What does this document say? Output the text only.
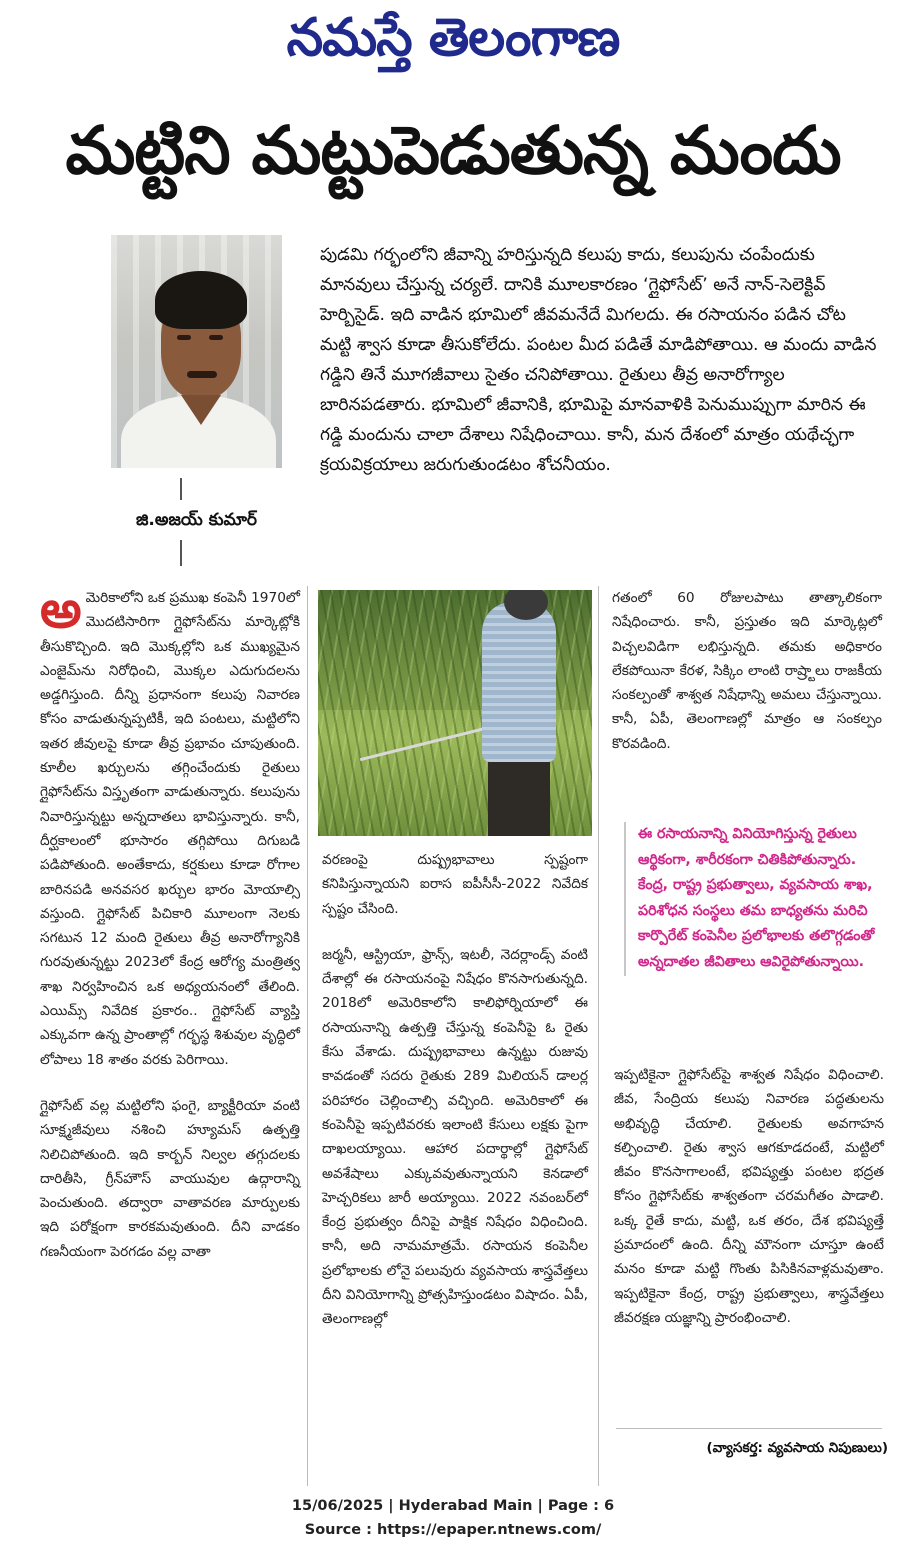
నమస్తే తెలంగాణ
మట్టిని మట్టుపెడుతున్న మందు
జి.అజయ్ కుమార్

పుడమి గర్భంలోని జీవాన్ని హరిస్తున్నది కలుపు కాదు, కలుపును చంపేందుకు మానవులు చేస్తున్న చర్యలే. దానికి మూలకారణం ‘గ్లైఫోసేట్’ అనే నాన్-సెలెక్టివ్ హెర్బిసైడ్. ఇది వాడిన భూమిలో జీవమనేదే మిగలదు. ఈ రసాయనం పడిన చోట మట్టి శ్వాస కూడా తీసుకోలేదు. పంటల మీద పడితే మాడిపోతాయి. ఆ మందు వాడిన గడ్డిని తినే మూగజీవాలు సైతం చనిపోతాయి. రైతులు తీవ్ర అనారోగ్యాల బారినపడతారు. భూమిలో జీవానికి, భూమిపై మానవాళికి పెనుముప్పుగా మారిన ఈ గడ్డి మందును చాలా దేశాలు నిషేధించాయి. కానీ, మన దేశంలో మాత్రం యథేచ్ఛగా క్రయవిక్రయాలు జరుగుతుండటం శోచనీయం.

అమెరికాలోని ఒక ప్రముఖ కంపెనీ 1970లో మొదటిసారిగా గ్లైఫోసేట్‌ను మార్కెట్లోకి తీసుకొచ్చింది. ఇది మొక్కల్లోని ఒక ముఖ్యమైన ఎంజైమ్‌ను నిరోధించి, మొక్కల ఎదుగుదలను అడ్డగిస్తుంది. దీన్ని ప్రధానంగా కలుపు నివారణ కోసం వాడుతున్నప్పటికీ, ఇది పంటలు, మట్టిలోని ఇతర జీవులపై కూడా తీవ్ర ప్రభావం చూపుతుంది. కూలీల ఖర్చులను తగ్గించేందుకు రైతులు గ్లైఫోసేట్‌ను విస్తృతంగా వాడుతున్నారు. కలుపును నివారిస్తున్నట్టు అన్నదాతలు భావిస్తున్నారు. కానీ, దీర్ఘకాలంలో భూసారం తగ్గిపోయి దిగుబడి పడిపోతుంది. అంతేకాదు, కర్షకులు కూడా రోగాల బారినపడి అనవసర ఖర్చుల భారం మోయాల్సి వస్తుంది. గ్లైఫోసేట్ పిచికారి మూలంగా నెలకు సగటున 12 మంది రైతులు తీవ్ర అనారోగ్యానికి గురవుతున్నట్టు 2023లో కేంద్ర ఆరోగ్య మంత్రిత్వ శాఖ నిర్వహించిన ఒక అధ్యయనంలో తేలింది. ఎయిమ్స్ నివేదిక ప్రకారం.. గ్లైఫోసేట్ వ్యాప్తి ఎక్కువగా ఉన్న ప్రాంతాల్లో గర్భస్థ శిశువుల వృద్ధిలో లోపాలు 18 శాతం వరకు పెరిగాయి.

గ్లైఫోసేట్ వల్ల మట్టిలోని ఫంగై, బ్యాక్టీరియా వంటి సూక్ష్మజీవులు నశించి హ్యూమస్ ఉత్పత్తి నిలిచిపోతుంది. ఇది కార్బన్ నిల్వల తగ్గుదలకు దారితీసి, గ్రీన్‌హౌస్ వాయువుల ఉద్గారాన్ని పెంచుతుంది. తద్వారా వాతావరణ మార్పులకు ఇది పరోక్షంగా కారకమవుతుంది. దీని వాడకం గణనీయంగా పెరగడం వల్ల వాతా

వరణంపై దుష్ప్రభావాలు స్పష్టంగా కనిపిస్తున్నాయని ఐరాస ఐపీసీసీ-2022 నివేదిక స్పష్టం చేసింది.

జర్మనీ, ఆస్ట్రియా, ఫ్రాన్స్, ఇటలీ, నెదర్లాండ్స్ వంటి దేశాల్లో ఈ రసాయనంపై నిషేధం కొనసాగుతున్నది. 2018లో అమెరికాలోని కాలిఫోర్నియాలో ఈ రసాయనాన్ని ఉత్పత్తి చేస్తున్న కంపెనీపై ఓ రైతు కేసు వేశాడు. దుష్ప్రభావాలు ఉన్నట్టు రుజువు కావడంతో సదరు రైతుకు 289 మిలియన్ డాలర్ల పరిహారం చెల్లించాల్సి వచ్చింది. అమెరికాలో ఈ కంపెనీపై ఇప్పటివరకు ఇలాంటి కేసులు లక్షకు పైగా దాఖలయ్యాయి. ఆహార పదార్థాల్లో గ్లైఫోసేట్ అవశేషాలు ఎక్కువవుతున్నాయని కెనడాలో హెచ్చరికలు జారీ అయ్యాయి. 2022 నవంబర్‌లో కేంద్ర ప్రభుత్వం దీనిపై పాక్షిక నిషేధం విధించింది. కానీ, అది నామమాత్రమే. రసాయన కంపెనీల ప్రలోభాలకు లోనై పలువురు వ్యవసాయ శాస్త్రవేత్తలు దీని వినియోగాన్ని ప్రోత్సహిస్తుండటం విషాదం. ఏపీ, తెలంగాణల్లో

గతంలో 60 రోజులపాటు తాత్కాలికంగా నిషేధించారు. కానీ, ప్రస్తుతం ఇది మార్కెట్లలో విచ్చలవిడిగా లభిస్తున్నది. తమకు అధికారం లేకపోయినా కేరళ, సిక్కిం లాంటి రాష్ర్టాలు రాజకీయ సంకల్పంతో శాశ్వత నిషేధాన్ని అమలు చేస్తున్నాయి. కానీ, ఏపీ, తెలంగాణల్లో మాత్రం ఆ సంకల్పం కొరవడింది.

ఈ రసాయనాన్ని వినియోగిస్తున్న రైతులు ఆర్థికంగా, శారీరకంగా చితికిపోతున్నారు. కేంద్ర, రాష్ట్ర ప్రభుత్వాలు, వ్యవసాయ శాఖ, పరిశోధన సంస్థలు తమ బాధ్యతను మరిచి కార్పొరేట్ కంపెనీల ప్రలోభాలకు తలొగ్గడంతో అన్నదాతల జీవితాలు ఆవిరైపోతున్నాయి.

ఇప్పటికైనా గ్లైఫోసేట్‌పై శాశ్వత నిషేధం విధించాలి. జీవ, సేంద్రియ కలుపు నివారణ పద్ధతులను అభివృద్ధి చేయాలి. రైతులకు అవగాహన కల్పించాలి. రైతు శ్వాస ఆగకూడదంటే, మట్టిలో జీవం కొనసాగాలంటే, భవిష్యత్తు పంటల భద్రత కోసం గ్లైఫోసేట్‌కు శాశ్వతంగా చరమగీతం పాడాలి. ఒక్క రైతే కాదు, మట్టి, ఒక తరం, దేశ భవిష్యత్తే ప్రమాదంలో ఉంది. దీన్ని మౌనంగా చూస్తూ ఉంటే మనం కూడా మట్టి గొంతు పిసికినవాళ్లమవుతాం. ఇప్పటికైనా కేంద్ర, రాష్ట్ర ప్రభుత్వాలు, శాస్త్రవేత్తలు జీవరక్షణ యజ్ఞాన్ని ప్రారంభించాలి.

(వ్యాసకర్త: వ్యవసాయ నిపుణులు)
15/06/2025 | Hyderabad Main | Page : 6
Source : https://epaper.ntnews.com/
